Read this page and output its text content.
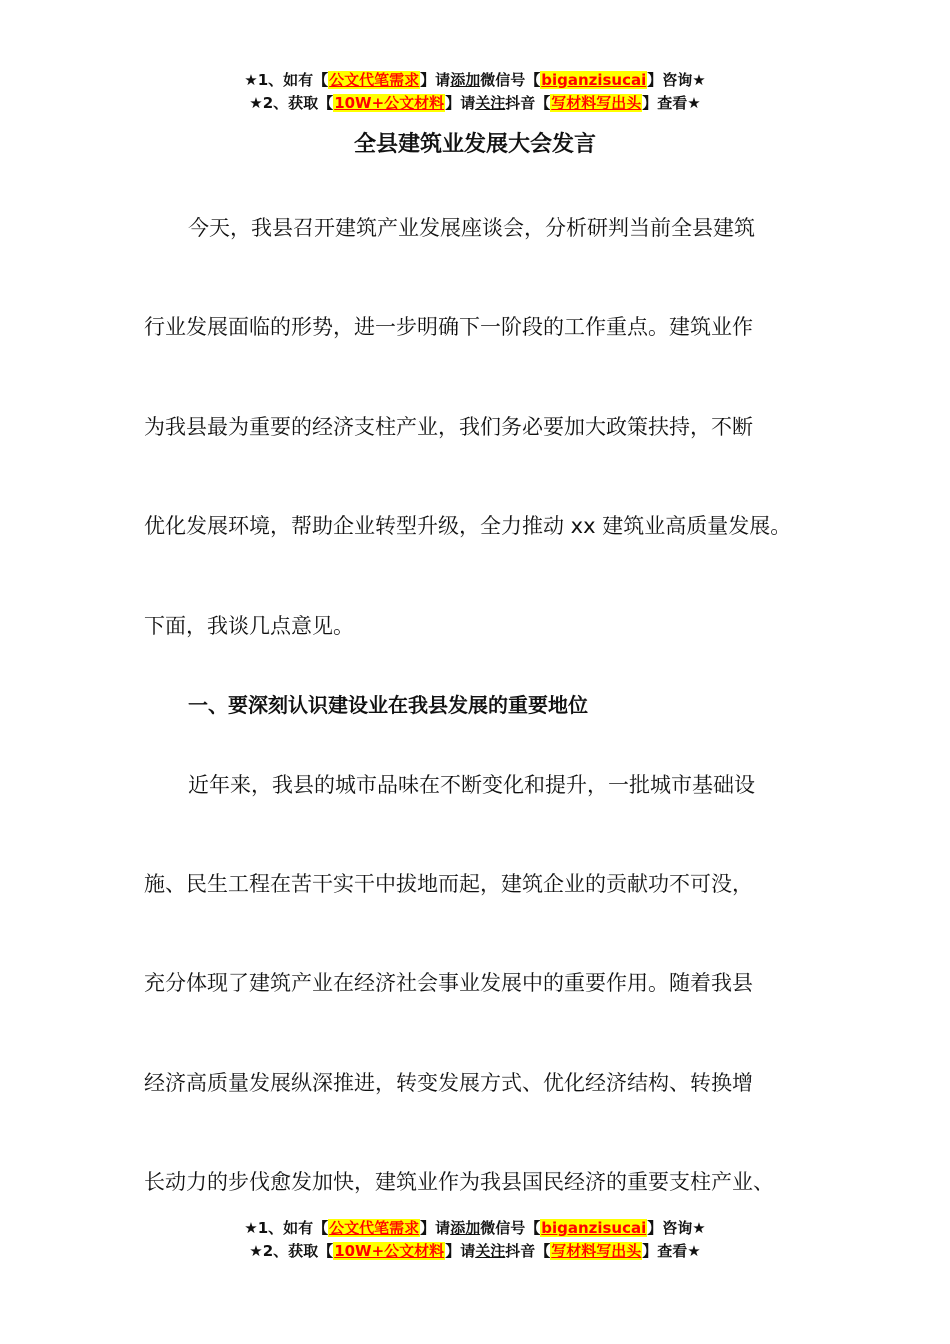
★1、如有【公文代笔需求】请添加微信号【biganzisucai】咨询★
★2、获取【10W+公文材料】请关注抖音【写材料写出头】查看★
全县建筑业发展大会发言
今天，我县召开建筑产业发展座谈会，分析研判当前全县建筑
行业发展面临的形势，进一步明确下一阶段的工作重点。建筑业作
为我县最为重要的经济支柱产业，我们务必要加大政策扶持，不断
优化发展环境，帮助企业转型升级，全力推动 xx 建筑业高质量发展。
下面，我谈几点意见。
一、要深刻认识建设业在我县发展的重要地位
近年来，我县的城市品味在不断变化和提升，一批城市基础设
施、民生工程在苦干实干中拔地而起，建筑企业的贡献功不可没，
充分体现了建筑产业在经济社会事业发展中的重要作用。随着我县
经济高质量发展纵深推进，转变发展方式、优化经济结构、转换增
长动力的步伐愈发加快，建筑业作为我县国民经济的重要支柱产业、
★1、如有【公文代笔需求】请添加微信号【biganzisucai】咨询★
★2、获取【10W+公文材料】请关注抖音【写材料写出头】查看★
